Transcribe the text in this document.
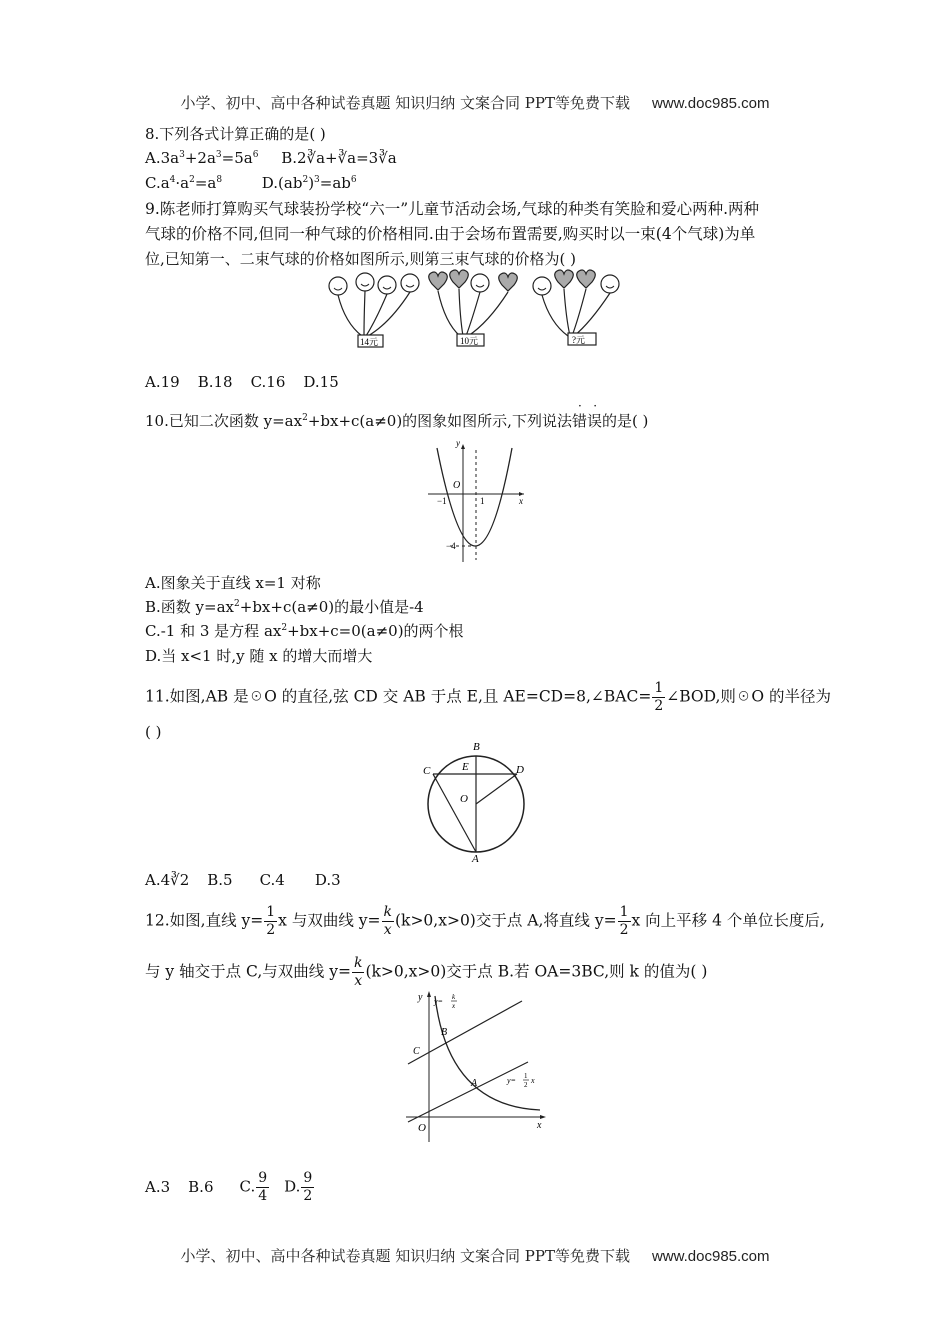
小学、初中、高中各种试卷真题 知识归纳 文案合同 PPT等免费下载 www.doc985.com
8.下列各式计算正确的是( )
$A.3a^3+2a^3=5a^6$ B.2∛a+∛a=3∛a
$C.a^4\cdot a^2=a^8$	$D.(ab^2)^3=ab^6$
9.陈老师打算购买气球装扮学校“六一”儿童节活动会场,气球的种类有笑脸和爱心两种.两种
气球的价格不同,但同一种气球的价格相同.由于会场布置需要,购买时以一束(4个气球)为单
位,已知第一、二束气球的价格如图所示,则第三束气球的价格为( )
14元	10元	?元
A.19 B.18 C.16 D.15
10.已知二次函数 $y=ax^2+bx+c(a\ne 0)$的图象如图所示,下列说法错误的是( )
·   ·
y
x
O
−1	1
−4
A.图象关于直线 x=1 对称
B.函数 $y=ax^2+bx+c(a\ne 0)$的最小值是-4
C.-1 和 3 是方程 $ax^2+bx+c=0(a\ne 0)$的两个根
D.当 x<1 时,y 随 x 的增大而增大
11.如图,AB 是☉O 的直径,弦 CD 交 AB 于点 E,且 AE=CD=8,∠BAC= $\frac{1}{2}$ ∠BOD,则☉O 的半径为
( )
B
C	D
E
O
A
A.4∛2 B.5 C.4 D.3
12.如图,直线 $y= \frac{1}{2}$ x 与双曲线 $y= \frac{k}{x} (k>0,x>0)$交于点 A,将直线 $y= \frac{1}{2}$ x 向上平移 4 个单位长度后,
与 y 轴交于点 C,与双曲线 $y= \frac{k}{x} (k>0,x>0)$交于点 B.若 OA=3BC,则 k 的值为( )
y
x
O
A
B
C
y= k
x
y= 1
2 x
A.3 B.6 C. $\frac{9}{4} D$. $\frac{9}{2}$
小学、初中、高中各种试卷真题 知识归纳 文案合同 PPT等免费下载 www.doc985.com
